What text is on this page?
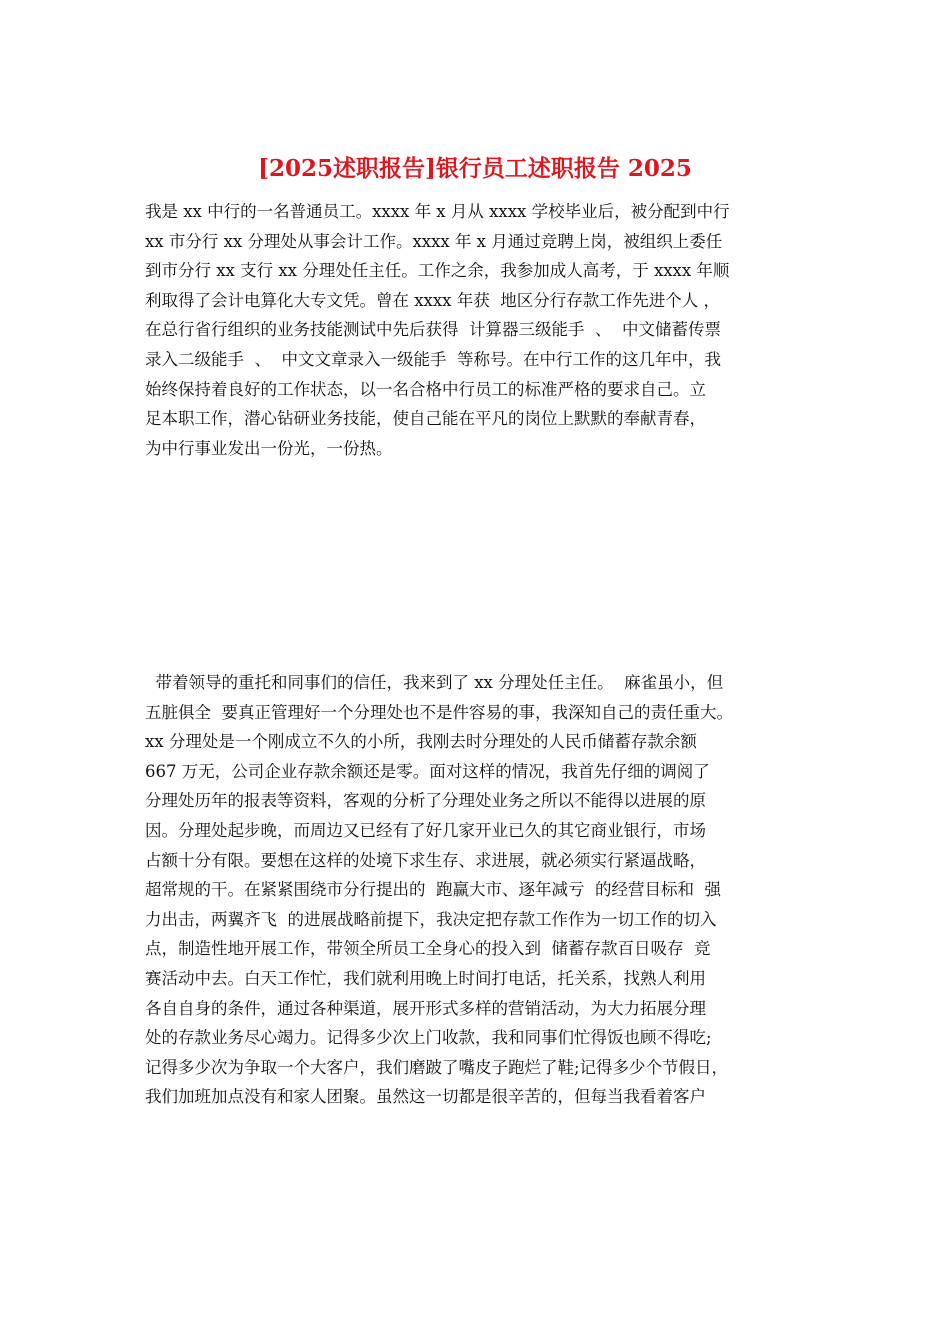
[2025述职报告]银行员工述职报告 2025
我是 xx 中行的一名普通员工。xxxx 年 x 月从 xxxx 学校毕业后，被分配到中行
xx 市分行 xx 分理处从事会计工作。xxxx 年 x 月通过竞聘上岗，被组织上委任
到市分行 xx 支行 xx 分理处任主任。工作之余，我参加成人高考，于 xxxx 年顺
利取得了会计电算化大专文凭。曾在 xxxx 年获  地区分行存款工作先进个人 ，
在总行省行组织的业务技能测试中先后获得  计算器三级能手  、  中文储蓄传票
录入二级能手  、  中文文章录入一级能手  等称号。在中行工作的这几年中，我
始终保持着良好的工作状态，以一名合格中行员工的标准严格的要求自己。立
足本职工作，潜心钻研业务技能，使自己能在平凡的岗位上默默的奉献青春，
为中行事业发出一份光，一份热。
带着领导的重托和同事们的信任，我来到了 xx 分理处任主任。  麻雀虽小，但
五脏俱全  要真正管理好一个分理处也不是件容易的事，我深知自己的责任重大。
xx 分理处是一个刚成立不久的小所，我刚去时分理处的人民币储蓄存款余额
667 万无，公司企业存款余额还是零。面对这样的情况，我首先仔细的调阅了
分理处历年的报表等资料，客观的分析了分理处业务之所以不能得以进展的原
因。分理处起步晚，而周边又已经有了好几家开业已久的其它商业银行，市场
占额十分有限。要想在这样的处境下求生存、求进展，就必须实行紧逼战略，
超常规的干。在紧紧围绕市分行提出的  跑赢大市、逐年减亏  的经营目标和  强
力出击，两翼齐飞  的进展战略前提下，我决定把存款工作作为一切工作的切入
点，制造性地开展工作，带领全所员工全身心的投入到  储蓄存款百日吸存  竞
赛活动中去。白天工作忙，我们就利用晚上时间打电话，托关系，找熟人利用
各自自身的条件，通过各种渠道，展开形式多样的营销活动，为大力拓展分理
处的存款业务尽心竭力。记得多少次上门收款，我和同事们忙得饭也顾不得吃;
记得多少次为争取一个大客户，我们磨跛了嘴皮子跑烂了鞋;记得多少个节假日，
我们加班加点没有和家人团聚。虽然这一切都是很辛苦的，但每当我看着客户
